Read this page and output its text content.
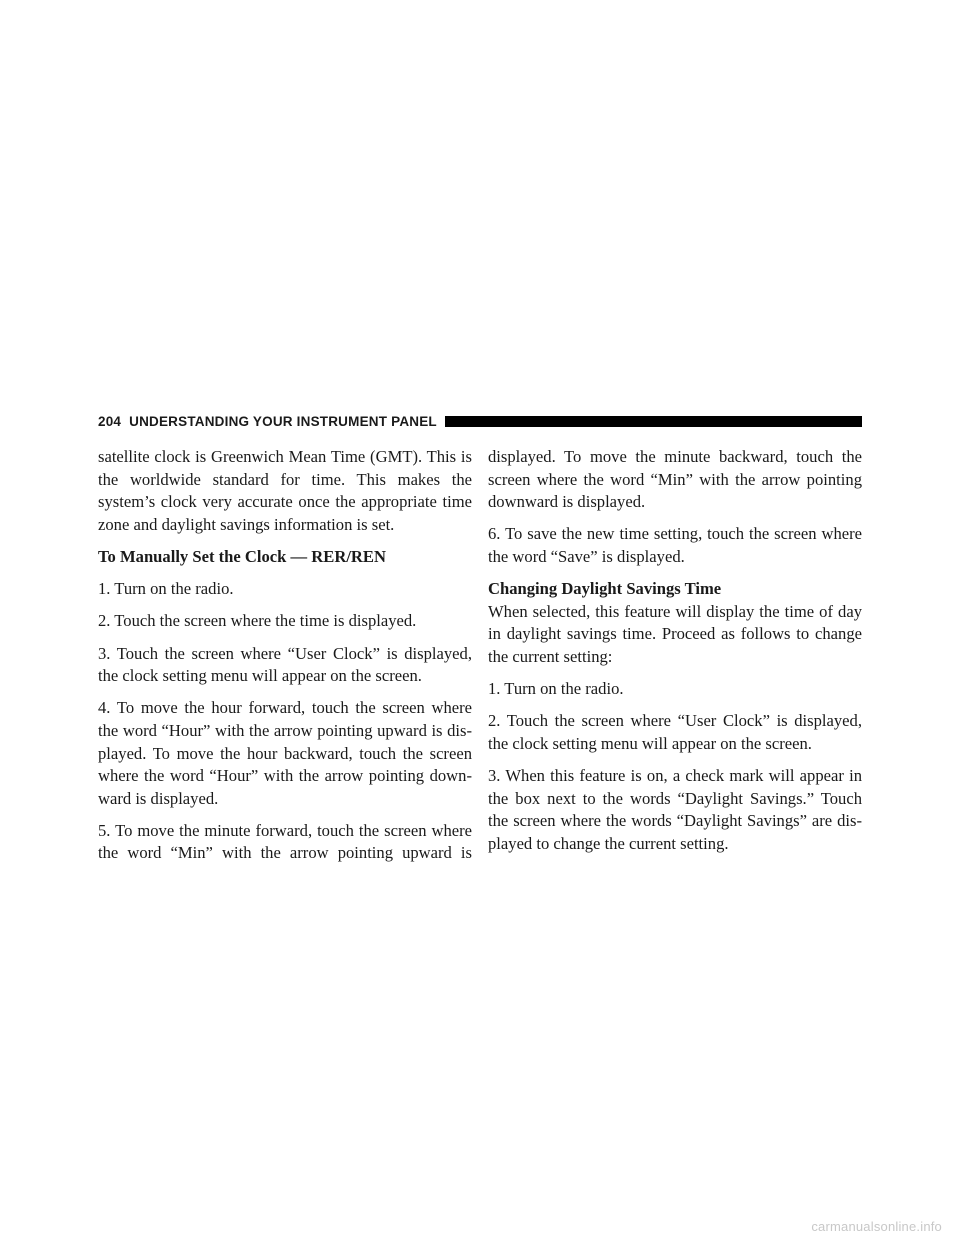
204 UNDERSTANDING YOUR INSTRUMENT PANEL

satellite clock is Greenwich Mean Time (GMT). This is the worldwide standard for time. This makes the system’s clock very accurate once the appropriate time zone and daylight savings information is set.

To Manually Set the Clock — RER/REN

1. Turn on the radio.

2. Touch the screen where the time is displayed.

3. Touch the screen where “User Clock” is displayed, the clock setting menu will appear on the screen.

4. To move the hour forward, touch the screen where the word “Hour” with the arrow pointing upward is dis-played. To move the hour backward, touch the screen where the word “Hour” with the arrow pointing down-ward is displayed.

5. To move the minute forward, touch the screen where the word “Min” with the arrow pointing upward is

displayed. To move the minute backward, touch the screen where the word “Min” with the arrow pointing downward is displayed.

6. To save the new time setting, touch the screen where the word “Save” is displayed.

Changing Daylight Savings Time

When selected, this feature will display the time of day in daylight savings time. Proceed as follows to change the current setting:

1. Turn on the radio.

2. Touch the screen where “User Clock” is displayed, the clock setting menu will appear on the screen.

3. When this feature is on, a check mark will appear in the box next to the words “Daylight Savings.” Touch the screen where the words “Daylight Savings” are dis-played to change the current setting.

carmanualsonline.info
